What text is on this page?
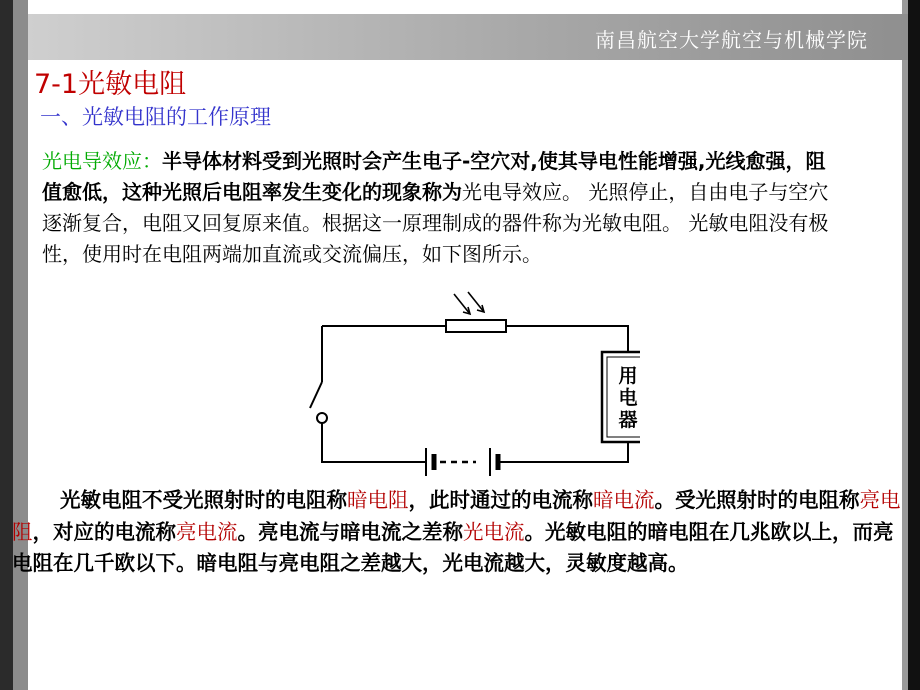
南昌航空大学航空与机械学院
7-1光敏电阻
一、光敏电阻的工作原理
光电导效应：半导体材料受到光照时会产生电子-空穴对,使其导电性能增强,光线愈强，阻值愈低，这种光照后电阻率发生变化的现象称为光电导效应。 光照停止，自由电子与空穴逐渐复合，电阻又回复原来值。根据这一原理制成的器件称为光敏电阻。 光敏电阻没有极性，使用时在电阻两端加直流或交流偏压，如下图所示。
用
电
器
光敏电阻不受光照射时的电阻称暗电阻，此时通过的电流称暗电流。受光照射时的电阻称亮电阻，对应的电流称亮电流。亮电流与暗电流之差称光电流。光敏电阻的暗电阻在几兆欧以上，而亮电阻在几千欧以下。暗电阻与亮电阻之差越大，光电流越大，灵敏度越高。
